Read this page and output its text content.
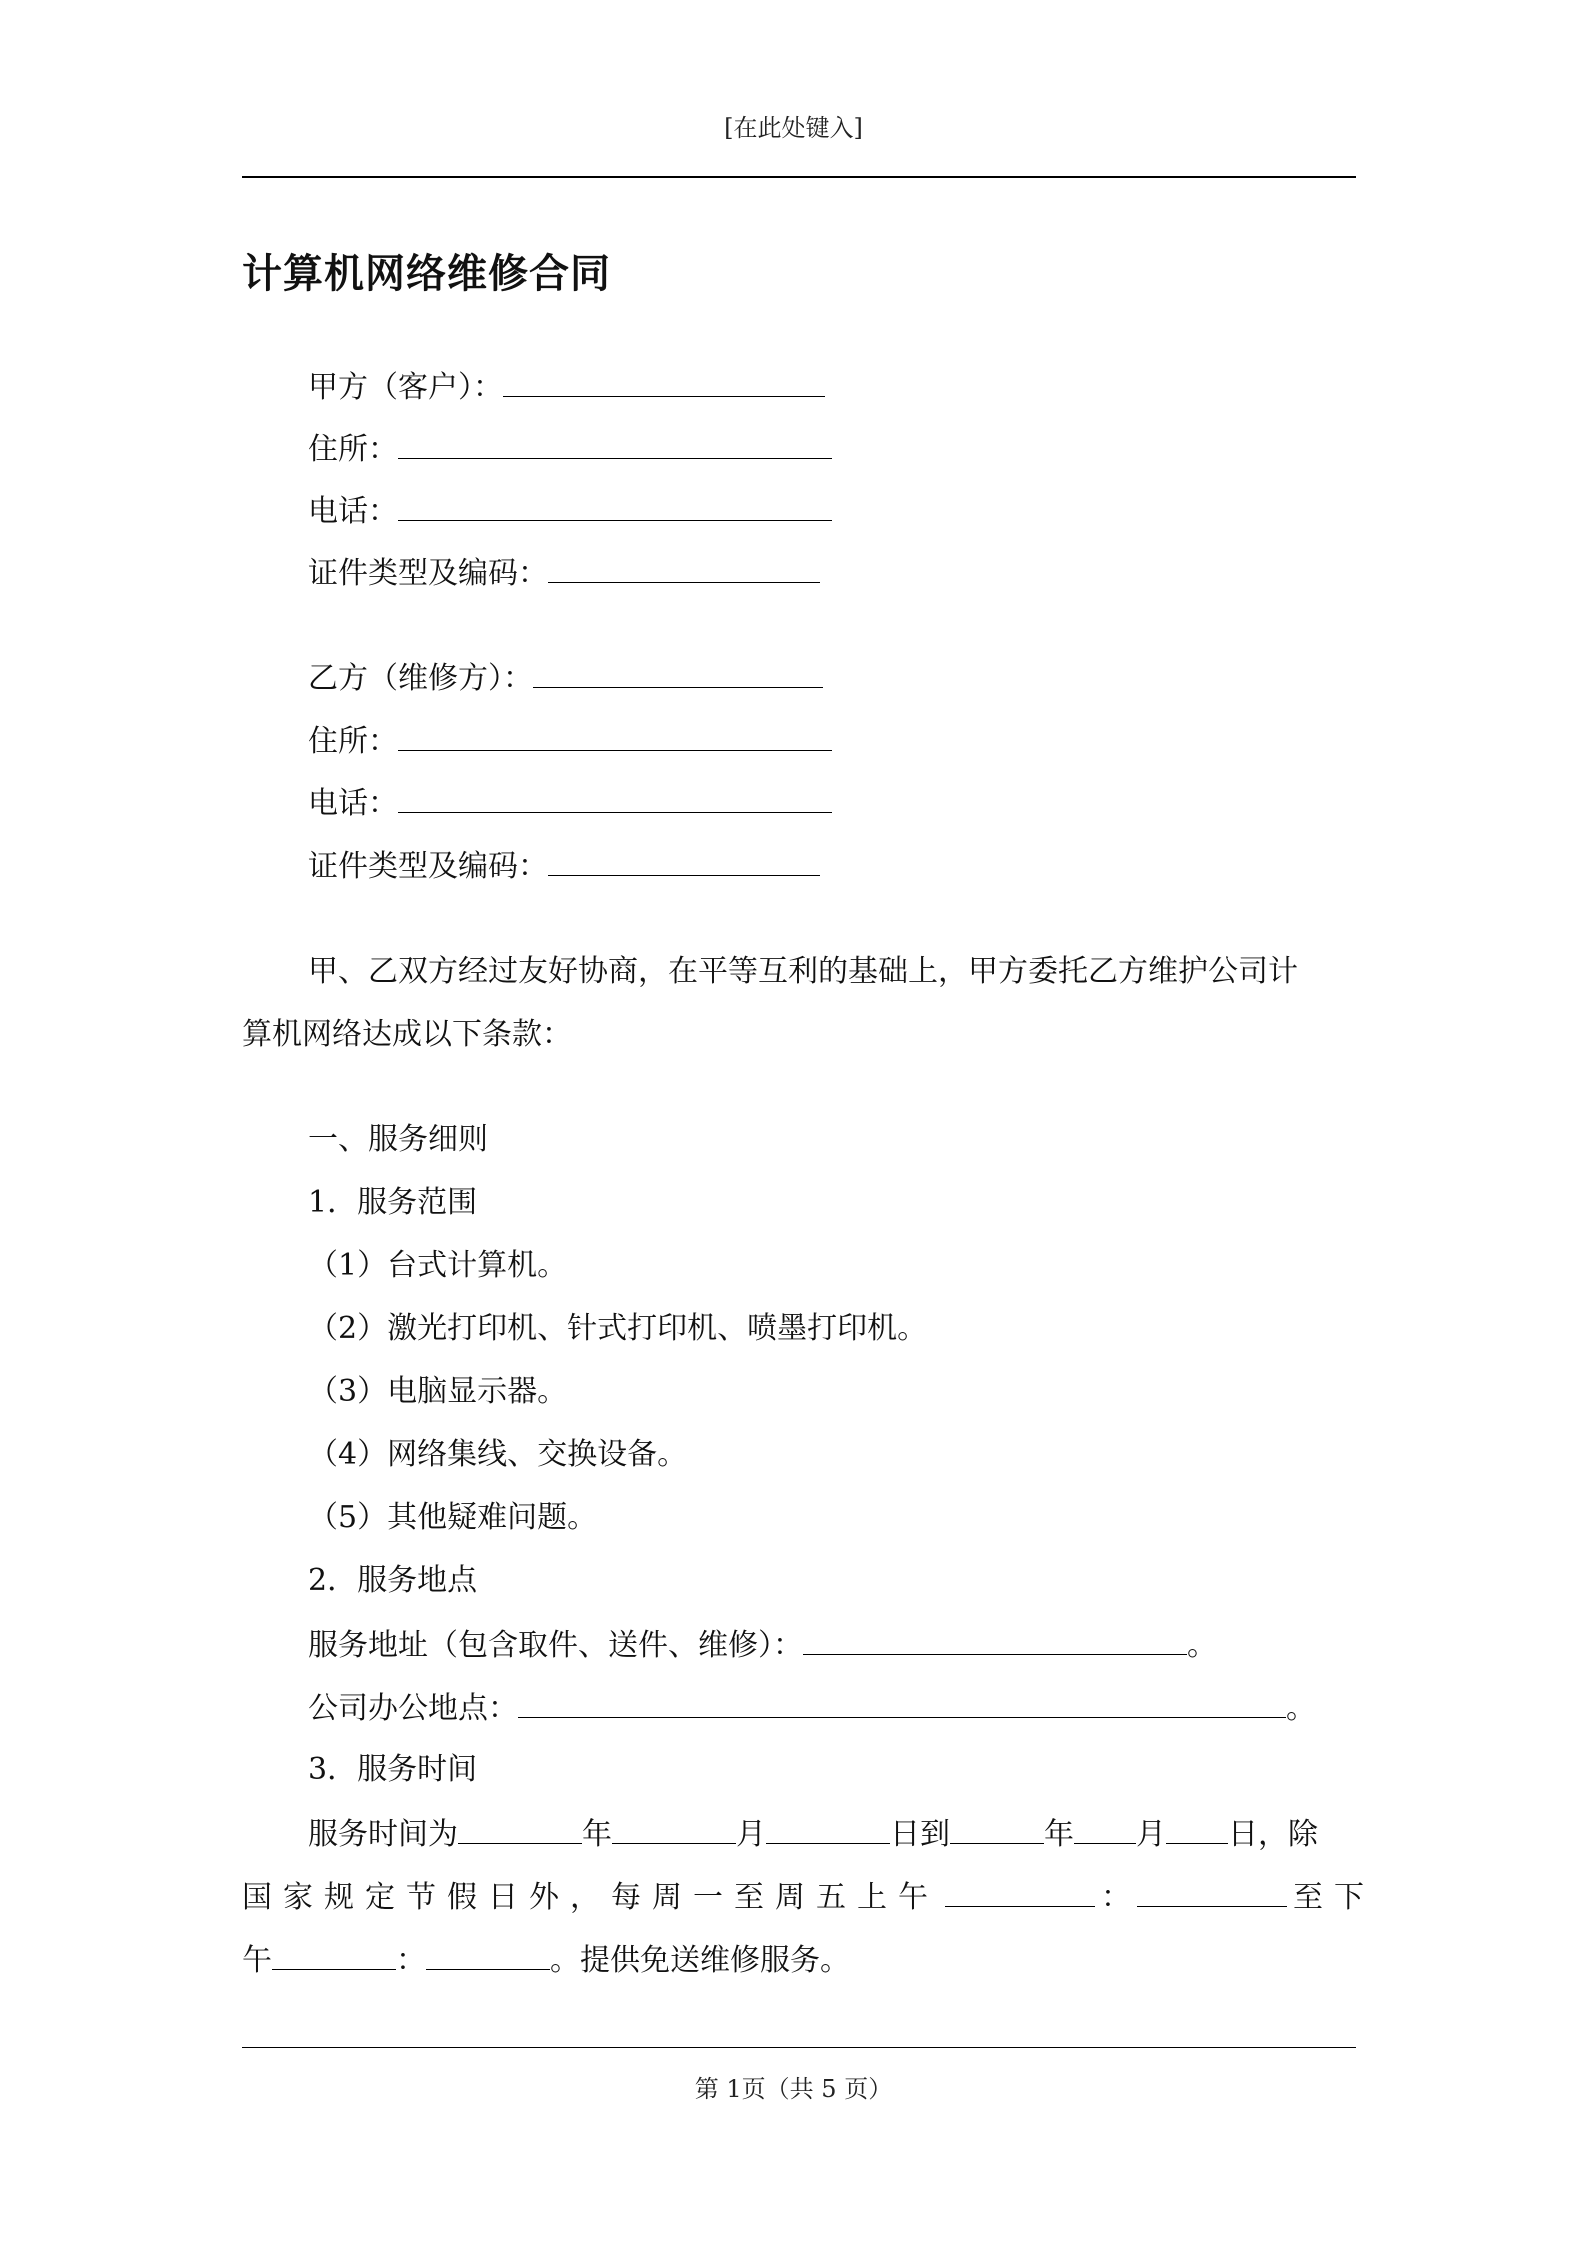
[在此处键入]
计算机网络维修合同
甲方（客户）：
住所：
电话：
证件类型及编码：
乙方（维修方）：
住所：
电话：
证件类型及编码：
甲、乙双方经过友好协商，在平等互利的基础上，甲方委托乙方维护公司计
算机网络达成以下条款：
一、服务细则
1．服务范围
（1）台式计算机。
（2）激光打印机、针式打印机、喷墨打印机。
（3）电脑显示器。
（4）网络集线、交换设备。
（5）其他疑难问题。
2．服务地点
服务地址（包含取件、送件、维修）：	。
公司办公地点：	。
3．服务时间
服务时间为	年	月	日到	年 月 日，除
国家规定节假日外，每周一至周五上午	：	至下
午	：	。提供免送维修服务。
第 1页（共 5 页）
